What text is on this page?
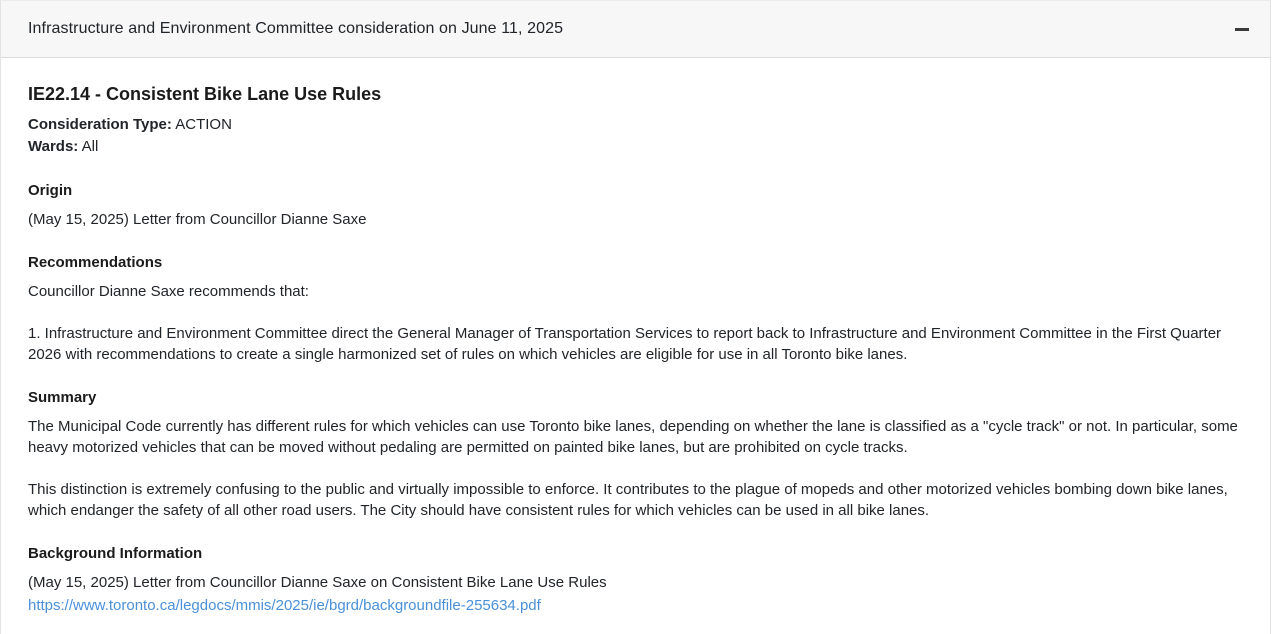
Infrastructure and Environment Committee consideration on June 11, 2025
IE22.14 - Consistent Bike Lane Use Rules
Consideration Type: ACTION
Wards: All
Origin

(May 15, 2025) Letter from Councillor Dianne Saxe

Recommendations

Councillor Dianne Saxe recommends that:

1. Infrastructure and Environment Committee direct the General Manager of Transportation Services to report back to Infrastructure and Environment Committee in the First Quarter 2026 with recommendations to create a single harmonized set of rules on which vehicles are eligible for use in all Toronto bike lanes.

Summary

The Municipal Code currently has different rules for which vehicles can use Toronto bike lanes, depending on whether the lane is classified as a "cycle track" or not. In particular, some heavy motorized vehicles that can be moved without pedaling are permitted on painted bike lanes, but are prohibited on cycle tracks.

This distinction is extremely confusing to the public and virtually impossible to enforce. It contributes to the plague of mopeds and other motorized vehicles bombing down bike lanes, which endanger the safety of all other road users. The City should have consistent rules for which vehicles can be used in all bike lanes.

Background Information

(May 15, 2025) Letter from Councillor Dianne Saxe on Consistent Bike Lane Use Rules

https://www.toronto.ca/legdocs/mmis/2025/ie/bgrd/backgroundfile-255634.pdf
